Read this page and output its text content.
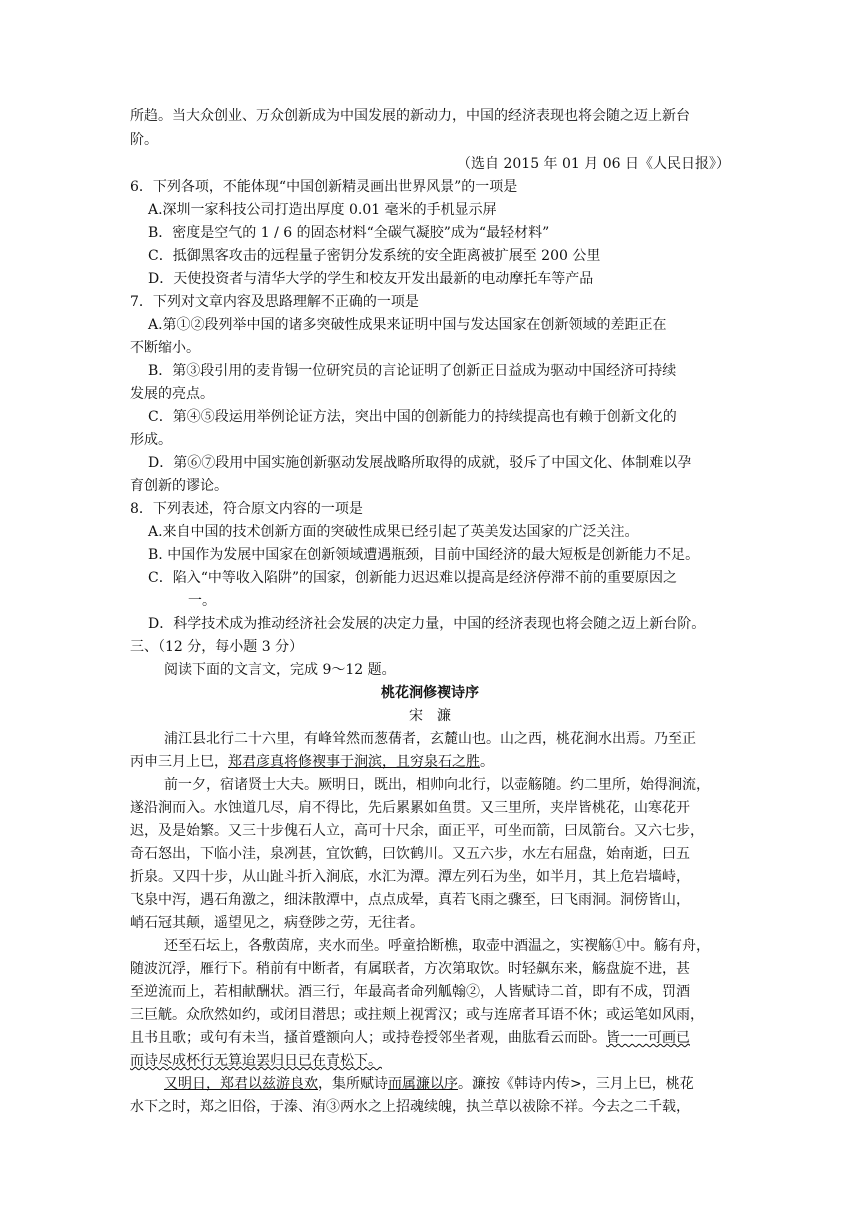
所趋。当大众创业、万众创新成为中国发展的新动力，中国的经济表现也将会随之迈上新台
阶。
（选自 2015 年 01 月 06 日《人民日报》）
6．下列各项，不能体现“中国创新精灵画出世界风景”的一项是
A.深圳一家科技公司打造出厚度 0.01 毫米的手机显示屏
B．密度是空气的 1 / 6 的固态材料“全碳气凝胶”成为“最轻材料”
C．抵御黑客攻击的远程量子密钥分发系统的安全距离被扩展至 200 公里
D．天使投资者与清华大学的学生和校友开发出最新的电动摩托车等产品
7．下列对文章内容及思路理解不正确的一项是
A.第①②段列举中国的诸多突破性成果来证明中国与发达国家在创新领域的差距正在
不断缩小。
B．第③段引用的麦肯锡一位研究员的言论证明了创新正日益成为驱动中国经济可持续
发展的亮点。
C．第④⑤段运用举例论证方法，突出中国的创新能力的持续提高也有赖于创新文化的
形成。
D．第⑥⑦段用中国实施创新驱动发展战略所取得的成就，驳斥了中国文化、体制难以孕
育创新的谬论。
8．下列表述，符合原文内容的一项是
A.来自中国的技术创新方面的突破性成果已经引起了英美发达国家的广泛关注。
B. 中国作为发展中国家在创新领域遭遇瓶颈，目前中国经济的最大短板是创新能力不足。
C．陷入“中等收入陷阱”的国家，创新能力迟迟难以提高是经济停滞不前的重要原因之
一。
D．科学技术成为推动经济社会发展的决定力量，中国的经济表现也将会随之迈上新台阶。
三、（12 分，每小题 3 分）
阅读下面的文言文，完成 9～12 题。
桃花涧修褉诗序
宋　濂
浦江县北行二十六里，有峰耸然而葱蒨者，玄麓山也。山之西，桃花涧水出焉。乃至正
丙申三月上巳，郑君彦真将修褉事于涧滨，且穷泉石之胜。
前一夕，宿诸贤士大夫。厥明日，既出，相帅向北行，以壶觞随。约二里所，始得涧流，
遂沿涧而入。水蚀道几尽，肩不得比，先后累累如鱼贯。又三里所，夹岸皆桃花，山寒花开
迟，及是始繁。又三十步傀石人立，高可十尺余，面正平，可坐而箭，曰凤箭台。又六七步，
奇石怒出，下临小洼，泉冽甚，宜饮鹤，曰饮鹤川。又五六步，水左右屈盘，始南逝，曰五
折泉。又四十步，从山趾斗折入涧底，水汇为潭。潭左列石为坐，如半月，其上危岩墙峙，
飞泉中泻，遇石角激之，细沫散潭中，点点成晕，真若飞雨之骤至，曰飞雨洞。洞傍皆山，
峭石冠其颠，遥望见之，病登陟之劳，无往者。
还至石坛上，各敷茵席，夹水而坐。呼童拾断樵，取壶中酒温之，实褉觞①中。觞有舟，
随波沉浮，雁行下。稍前有中断者，有属联者，方次第取饮。时轻飙东来，觞盘旋不进，甚
至逆流而上，若相献酬状。酒三行，年最高者命列觚翰②，人皆赋诗二首，即有不成，罚酒
三巨觥。众欣然如约，或闭目潜思；或拄颊上视霄汉；或与连席者耳语不休；或运笔如风雨，
且书且歌；或句有未当，搔首蹙额向人；或持卷授邻坐者观，曲肱看云而卧。皆一一可画已
而诗尽成杯行无算迨罢归日已在青松下。
又明日，郑君以兹游良欢，集所赋诗而属濂以序。濂按《韩诗内传>，三月上巳，桃花
水下之时，郑之旧俗，于溱、洧③两水之上招魂续魄，执兰草以祓除不祥。今去之二千载，
